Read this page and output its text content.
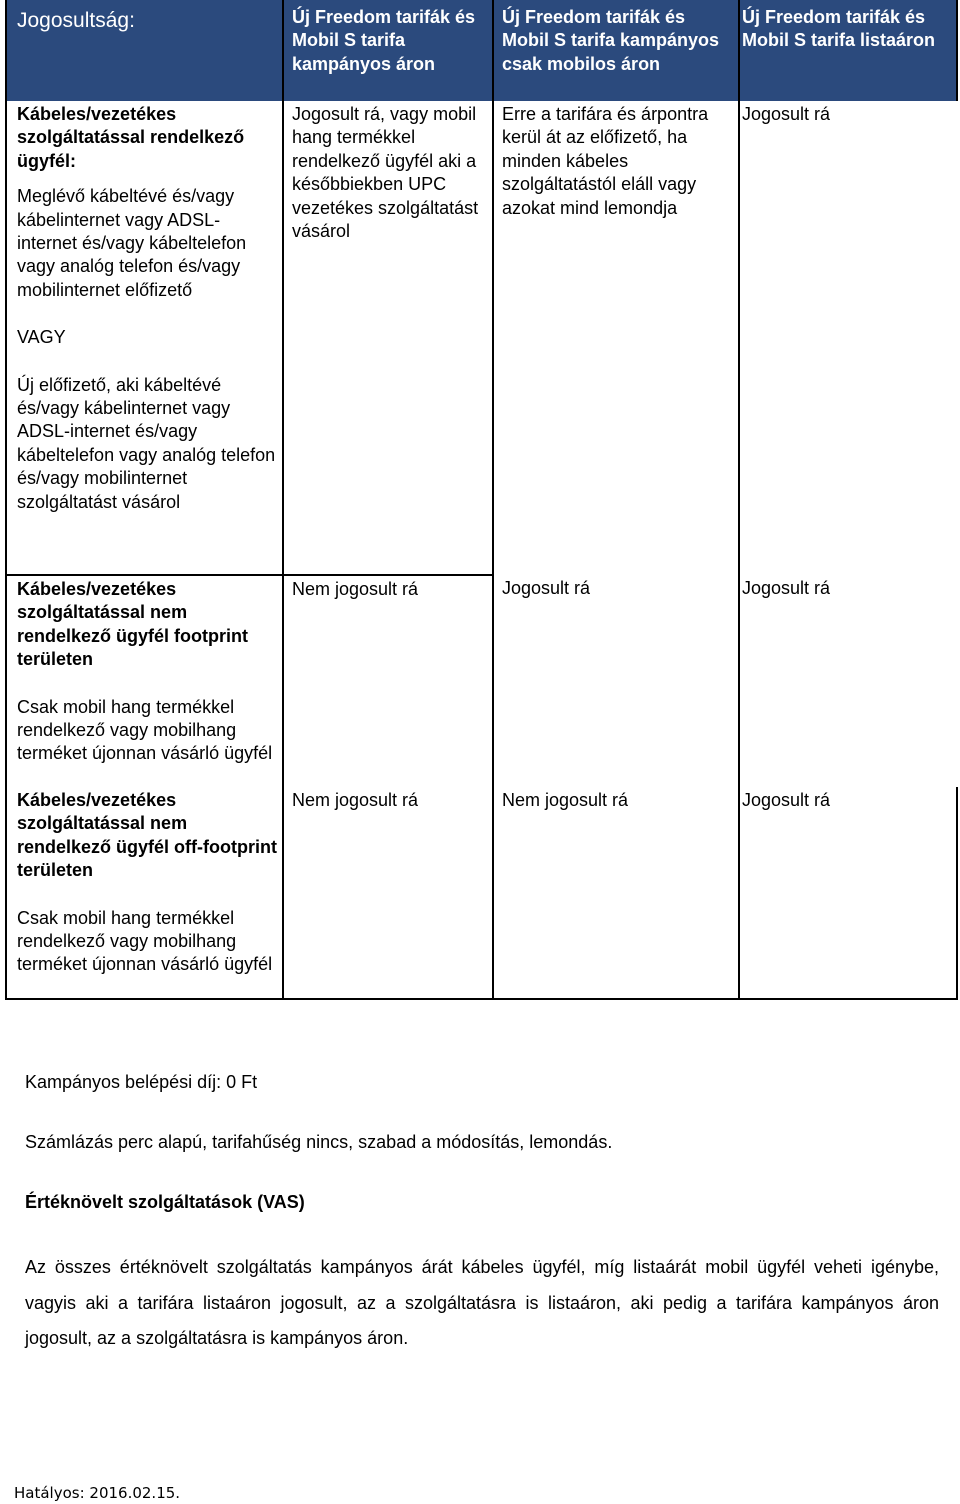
Jogosultság:	Új Freedom tarifák és Mobil S tarifa kampányos áron	Új Freedom tarifák és Mobil S tarifa kampányos csak mobilos áron	Új Freedom tarifák és Mobil S tarifa listaáron

Kábeles/vezetékes szolgáltatással rendelkező ügyfél:
Meglévő kábeltévé és/vagy kábelinternet vagy ADSL-internet és/vagy kábeltelefon vagy analóg telefon és/vagy mobilinternet előfizető
VAGY
Új előfizető, aki kábeltévé és/vagy kábelinternet vagy ADSL-internet és/vagy kábeltelefon vagy analóg telefon és/vagy mobilinternet szolgáltatást vásárol	Jogosult rá, vagy mobil hang termékkel rendelkező ügyfél aki a későbbiekben UPC vezetékes szolgáltatást vásárol	Erre a tarifára és árpontra kerül át az előfizető, ha minden kábeles szolgáltatástól eláll vagy azokat mind lemondja	Jogosult rá

Kábeles/vezetékes szolgáltatással nem rendelkező ügyfél footprint területen
Csak mobil hang termékkel rendelkező vagy mobilhang terméket újonnan vásárló ügyfél	Nem jogosult rá	Jogosult rá	Jogosult rá

Kábeles/vezetékes szolgáltatással nem rendelkező ügyfél off-footprint területen
Csak mobil hang termékkel rendelkező vagy mobilhang terméket újonnan vásárló ügyfél	Nem jogosult rá	Nem jogosult rá	Jogosult rá

Kampányos belépési díj: 0 Ft

Számlázás perc alapú, tarifahűség nincs, szabad a módosítás, lemondás.

Értéknövelt szolgáltatások (VAS)

Az összes értéknövelt szolgáltatás kampányos árát kábeles ügyfél, míg listaárát mobil ügyfél veheti igénybe, vagyis aki a tarifára listaáron jogosult, az a szolgáltatásra is listaáron, aki pedig a tarifára kampányos áron jogosult, az a szolgáltatásra is kampányos áron.

Hatályos: 2016.02.15.
